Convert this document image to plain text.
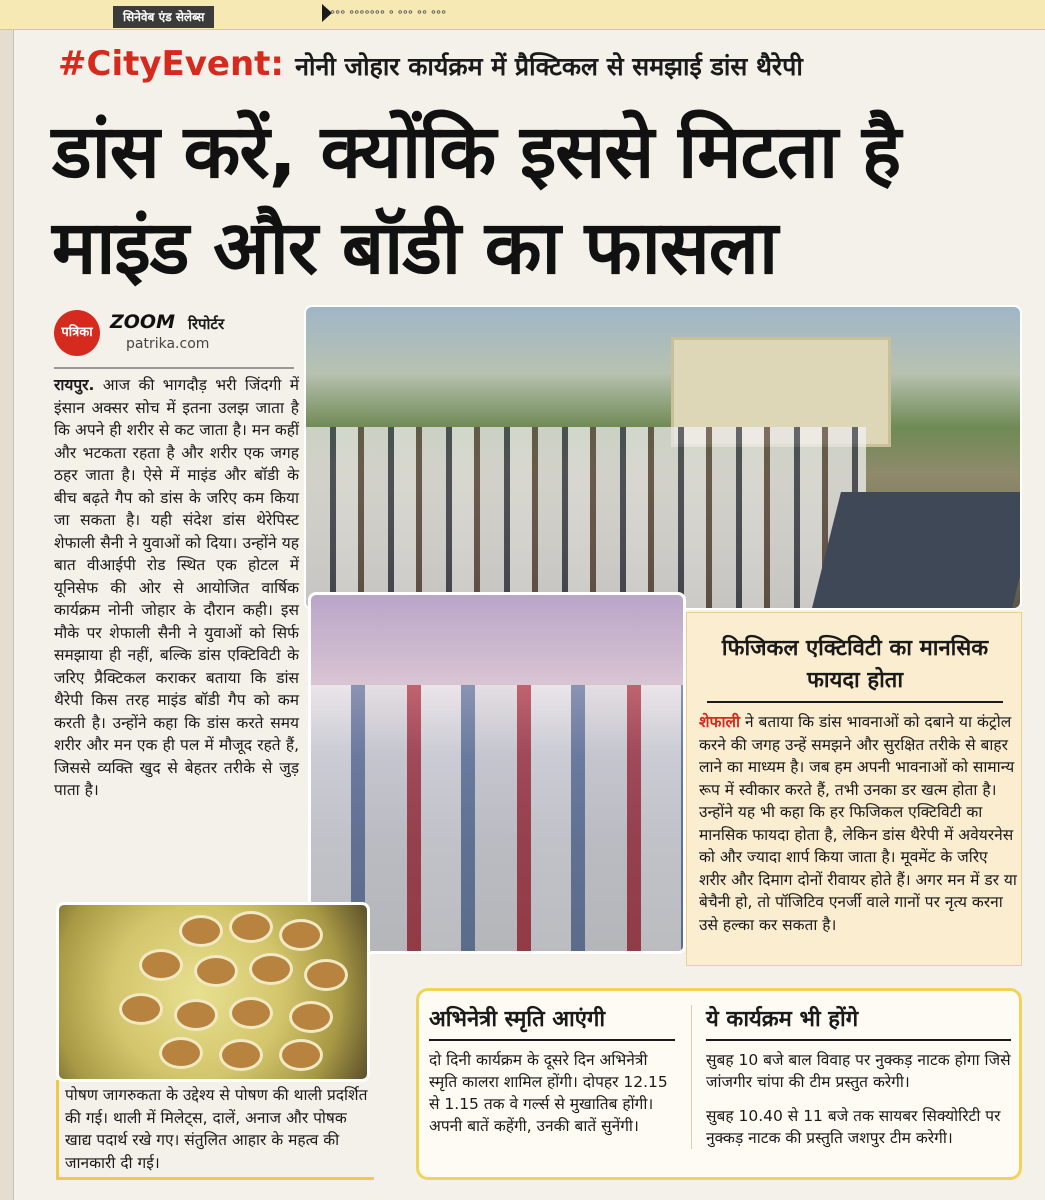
सिनेवेब एंड सेलेब्स	॰॰॰ ॰॰॰॰॰॰॰ ॰ ॰॰॰ ॰॰ ॰॰॰
#CityEvent: नोनी जोहार कार्यक्रम में प्रैक्टिकल से समझाई डांस थैरेपी
डांस करें, क्योंकि इससे मिटता है माइंड और बॉडी का फासला
पत्रिका ZOOM रिपोर्टर
patrika.com

रायपुर. आज की भागदौड़ भरी जिंदगी में इंसान अक्सर सोच में इतना उलझ जाता है कि अपने ही शरीर से कट जाता है। मन कहीं और भटकता रहता है और शरीर एक जगह ठहर जाता है। ऐसे में माइंड और बॉडी के बीच बढ़ते गैप को डांस के जरिए कम किया जा सकता है। यही संदेश डांस थेरेपिस्ट शेफाली सैनी ने युवाओं को दिया। उन्होंने यह बात वीआईपी रोड स्थित एक होटल में यूनिसेफ की ओर से आयोजित वार्षिक कार्यक्रम नोनी जोहार के दौरान कही। इस मौके पर शेफाली सैनी ने युवाओं को सिर्फ समझाया ही नहीं, बल्कि डांस एक्टिविटी के जरिए प्रैक्टिकल कराकर बताया कि डांस थैरेपी किस तरह माइंड बॉडी गैप को कम करती है। उन्होंने कहा कि डांस करते समय शरीर और मन एक ही पल में मौजूद रहते हैं, जिससे व्यक्ति खुद से बेहतर तरीके से जुड़ पाता है।

फिजिकल एक्टिविटी का मानसिक फायदा होता

शेफाली ने बताया कि डांस भावनाओं को दबाने या कंट्रोल करने की जगह उन्हें समझने और सुरक्षित तरीके से बाहर लाने का माध्यम है। जब हम अपनी भावनाओं को सामान्य रूप में स्वीकार करते हैं, तभी उनका डर खत्म होता है। उन्होंने यह भी कहा कि हर फिजिकल एक्टिविटी का मानसिक फायदा होता है, लेकिन डांस थैरेपी में अवेयरनेस को और ज्यादा शार्प किया जाता है। मूवमेंट के जरिए शरीर और दिमाग दोनों रीवायर होते हैं। अगर मन में डर या बेचैनी हो, तो पॉजिटिव एनर्जी वाले गानों पर नृत्य करना उसे हल्का कर सकता है।

पोषण जागरुकता के उद्देश्य से पोषण की थाली प्रदर्शित की गई। थाली में मिलेट्स, दालें, अनाज और पोषक खाद्य पदार्थ रखे गए। संतुलित आहार के महत्व की जानकारी दी गई।

अभिनेत्री स्मृति आएंगी

दो दिनी कार्यक्रम के दूसरे दिन अभिनेत्री स्मृति कालरा शामिल होंगी। दोपहर 12.15 से 1.15 तक वे गर्ल्स से मुखातिब होंगी। अपनी बातें कहेंगी, उनकी बातें सुनेंगी।

ये कार्यक्रम भी होंगे

सुबह 10 बजे बाल विवाह पर नुक्कड़ नाटक होगा जिसे जांजगीर चांपा की टीम प्रस्तुत करेगी।

सुबह 10.40 से 11 बजे तक सायबर सिक्योरिटी पर नुक्कड़ नाटक की प्रस्तुति जशपुर टीम करेगी।
